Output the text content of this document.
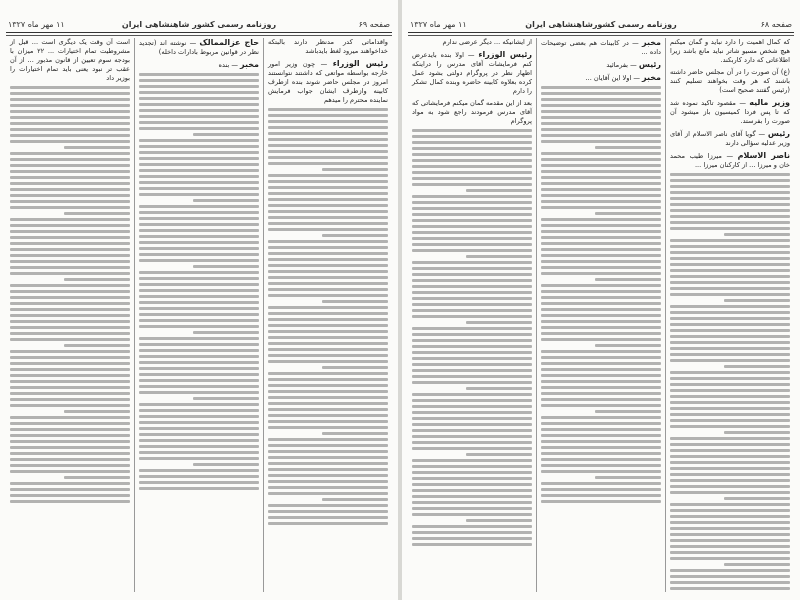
صفحه ۶۹
روزنامه رسمی کشور شاهنشاهی ایران
۱۱ مهر ماه ۱۳۲۷
واقداماتی کدر مدنظر دارند بالبتکه خداخواهند میرود لغظ بایدباشد
رئیس الوزراء — چون وزیر امور خارجه بواسطه مواتعی که داشتند نتوانستند امروز در مجلس حاضر شوند بنده ازطرف کابینه وازطرف ایشان جواب فرمایش نماینده محترم را میدهم
حاج عزالممالک — نوشته اند (تجدید نظر در قوانین مربوط بادارات داخله)
مخبر — بنده
است آن وقت یک دیگری است ... قبل از مشروطیت تمام اختیارات ... ۲۲ میزان با بودجه سوم تعیین از قانون مذبور ... از آن عقب تر نبود یعنی باید تمام اختیارات را بوزیر داد
صفحه ۶۸
روزنامه رسمی کشورشاهنشاهی ایران
۱۱ مهر ماه ۱۳۲۷
که کمال اهمیت را دارد نباید و گمان میکنم هیچ شخص مسیو شاتر نباید مانع باشد زیرا اطلاعاتی که دارد کاربکند.
(ع) آن صورت را در آن مجلس حاضر داشته باشند که هر وقت بخواهند تسلیم کنند (رئیس گفتند صحیح است)
وزیر مالیه — مقصود تاکید نموده شد که تا پس فردا کمیسیون باز میشود آن صورت را بفرستد.
رئیس — گویا آقای ناصر الاسلام از آقای وزیر عدلیه سؤالی دارند
ناصر الاسلام — میرزا طیب محمد خان و میرزا ... از کارکنان میرزا ...
مخبر — در کابینات هم بعضی توضیحات داده ...
رئیس — بفرمائید
مخبر — اولا این آقایان ...
از ایشانیکه ... دیگر عرضی ندارم
رئیس الوزراء — اولا بنده بایدعرض کنم فرمایشات آقای مدرس را دراینکه اظهار نظر در پروگرام دولتی بشود عمل کرده بعلاوه کابینه حاضره وبنده کمال تشکر را دارم
بعد از این مقدمه گمان میکنم فرمایشاتی که آقای مدرس فرمودند راجع شود به مواد پروگرام
